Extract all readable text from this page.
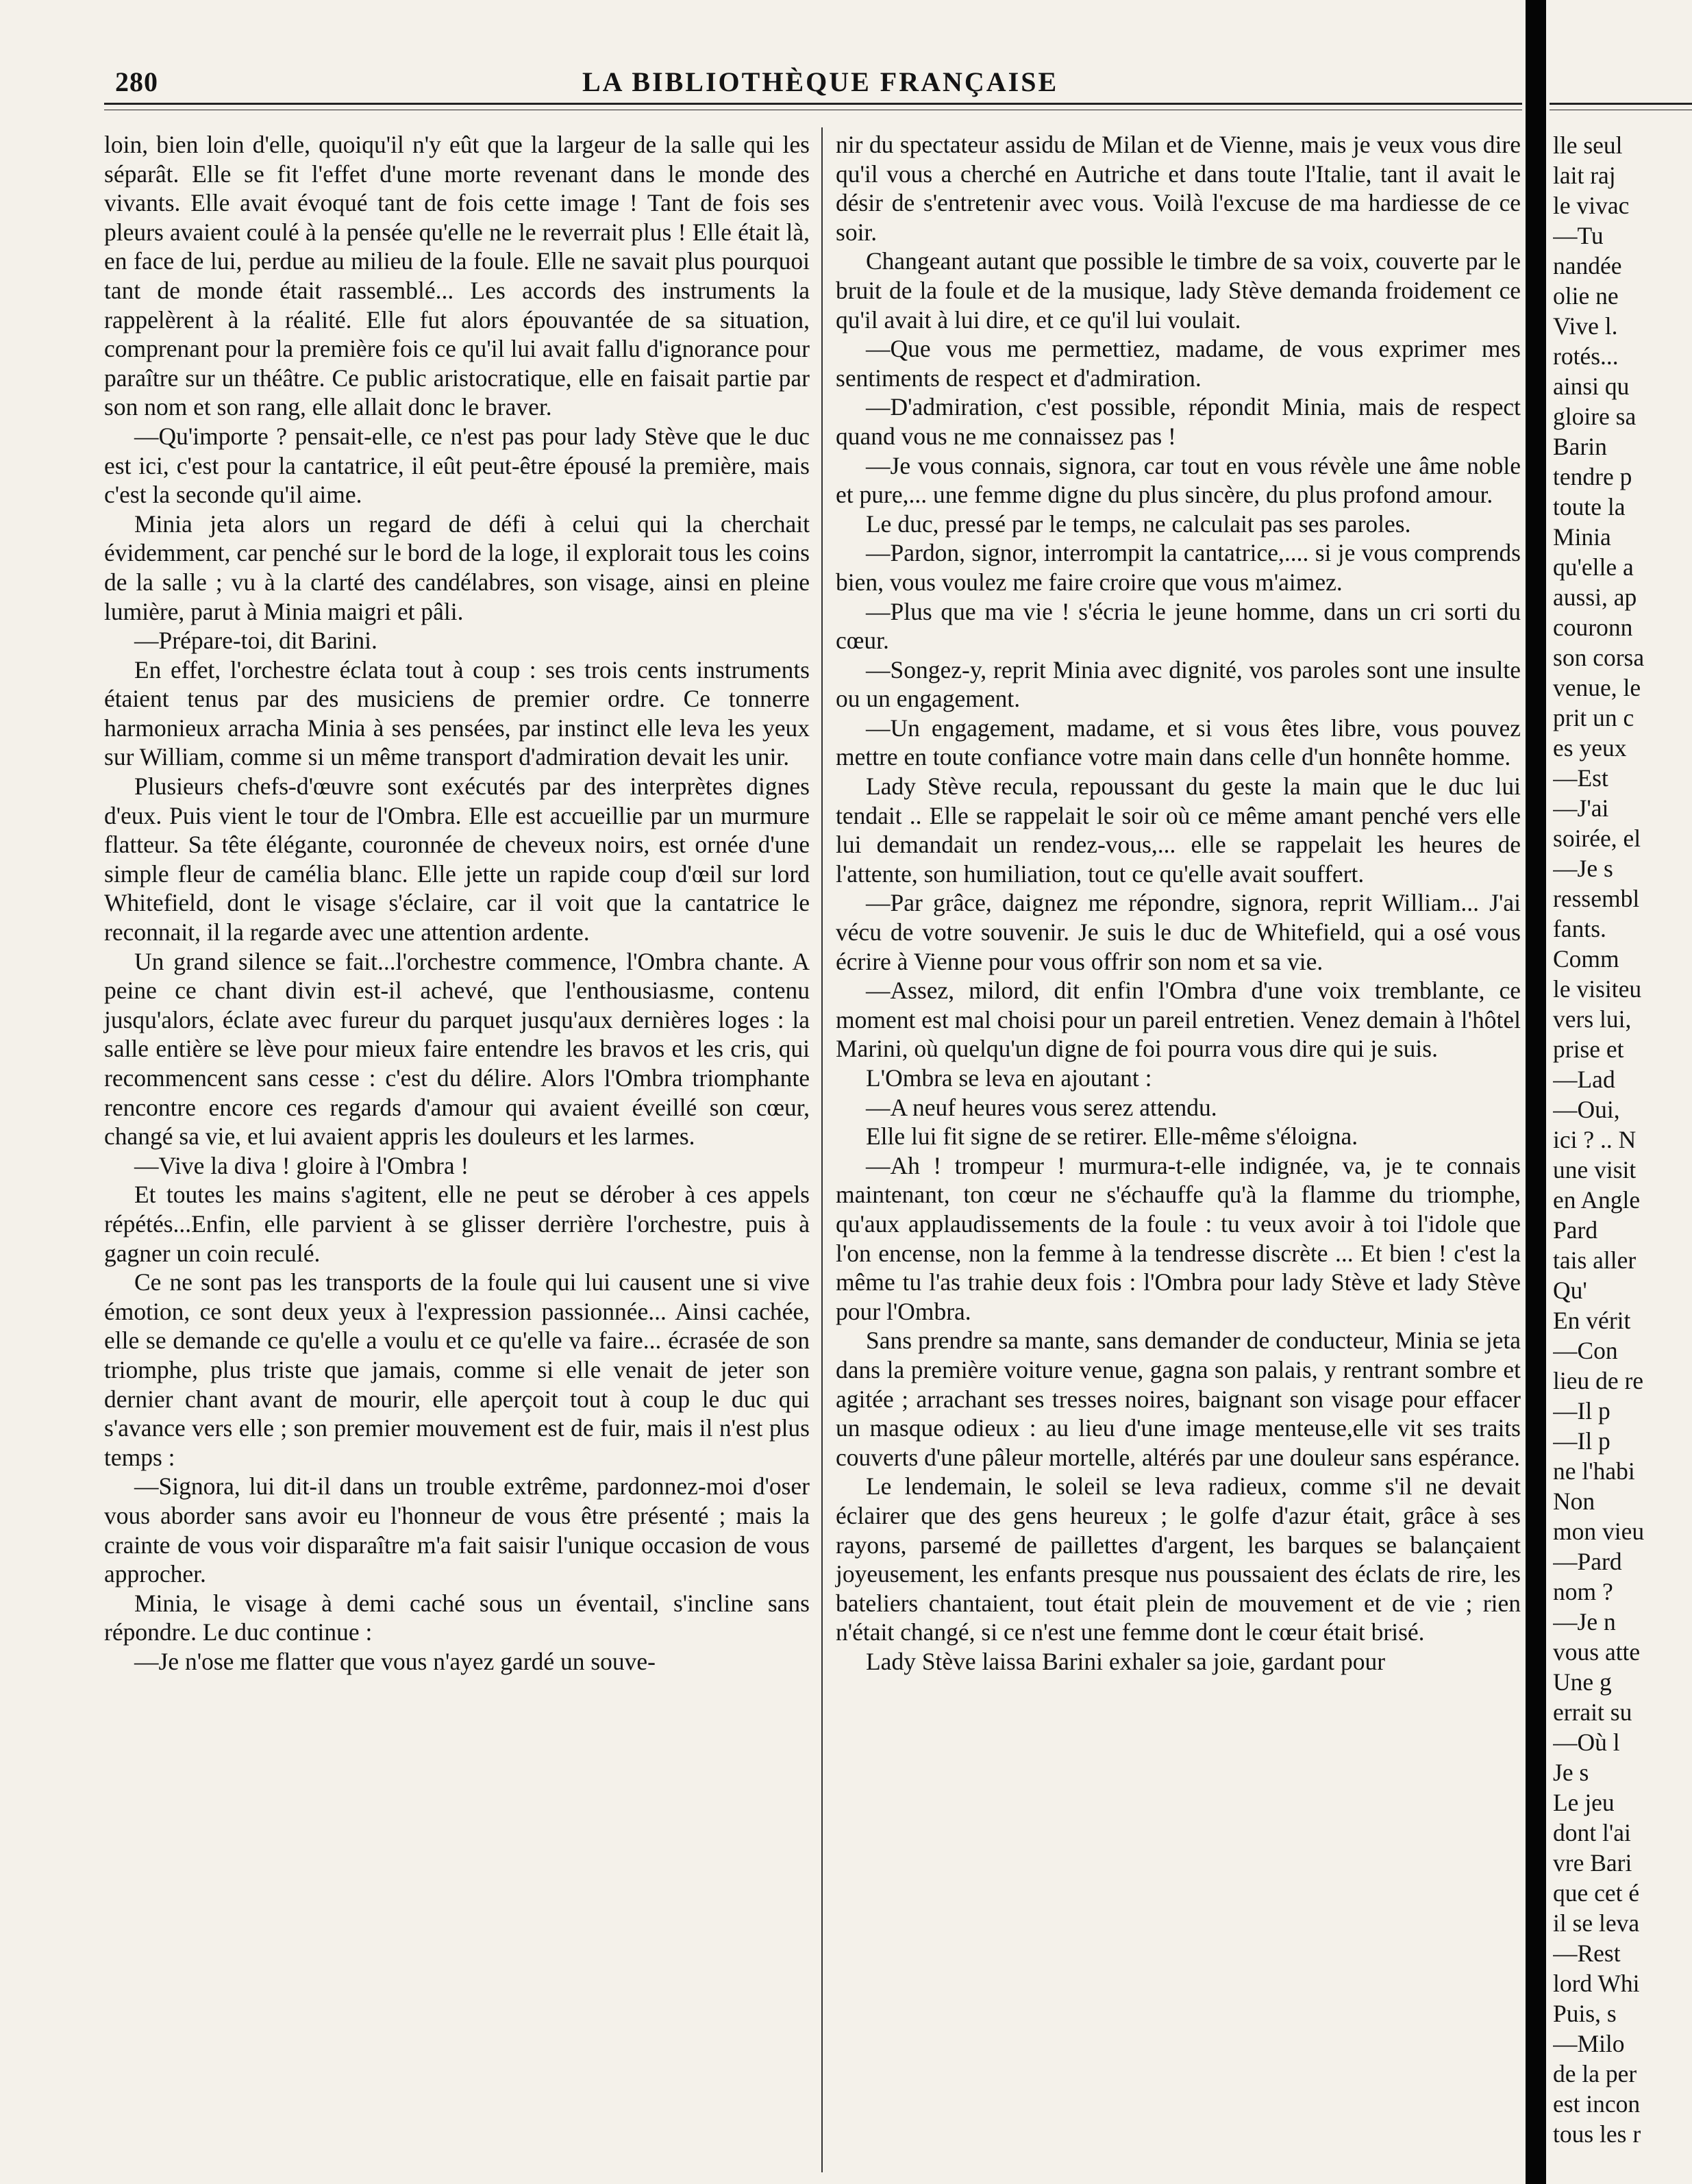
280	LA BIBLIOTHÈQUE FRANÇAISE

loin, bien loin d'elle, quoiqu'il n'y eût que la largeur de la salle qui les séparât. Elle se fit l'effet d'une morte revenant dans le monde des vivants. Elle avait évoqué tant de fois cette image ! Tant de fois ses pleurs avaient coulé à la pensée qu'elle ne le reverrait plus ! Elle était là, en face de lui, perdue au milieu de la foule. Elle ne savait plus pourquoi tant de monde était rassemblé... Les accords des instruments la rappelèrent à la réalité. Elle fut alors épouvantée de sa situation, comprenant pour la première fois ce qu'il lui avait fallu d'ignorance pour paraître sur un théâtre. Ce public aristocratique, elle en faisait partie par son nom et son rang, elle allait donc le braver.

—Qu'importe ? pensait-elle, ce n'est pas pour lady Stève que le duc est ici, c'est pour la cantatrice, il eût peut-être épousé la première, mais c'est la seconde qu'il aime.

Minia jeta alors un regard de défi à celui qui la cherchait évidemment, car penché sur le bord de la loge, il explorait tous les coins de la salle ; vu à la clarté des candélabres, son visage, ainsi en pleine lumière, parut à Minia maigri et pâli.

—Prépare-toi, dit Barini.

En effet, l'orchestre éclata tout à coup : ses trois cents instruments étaient tenus par des musiciens de premier ordre. Ce tonnerre harmonieux arracha Minia à ses pensées, par instinct elle leva les yeux sur William, comme si un même transport d'admiration devait les unir.

Plusieurs chefs-d'œuvre sont exécutés par des interprètes dignes d'eux. Puis vient le tour de l'Ombra. Elle est accueillie par un murmure flatteur. Sa tête élégante, couronnée de cheveux noirs, est ornée d'une simple fleur de camélia blanc. Elle jette un rapide coup d'œil sur lord Whitefield, dont le visage s'éclaire, car il voit que la cantatrice le reconnait, il la regarde avec une attention ardente.

Un grand silence se fait...l'orchestre commence, l'Ombra chante. A peine ce chant divin est-il achevé, que l'enthousiasme, contenu jusqu'alors, éclate avec fureur du parquet jusqu'aux dernières loges : la salle entière se lève pour mieux faire entendre les bravos et les cris, qui recommencent sans cesse : c'est du délire. Alors l'Ombra triomphante rencontre encore ces regards d'amour qui avaient éveillé son cœur, changé sa vie, et lui avaient appris les douleurs et les larmes.

—Vive la diva ! gloire à l'Ombra !

Et toutes les mains s'agitent, elle ne peut se dérober à ces appels répétés...Enfin, elle parvient à se glisser derrière l'orchestre, puis à gagner un coin reculé.

Ce ne sont pas les transports de la foule qui lui causent une si vive émotion, ce sont deux yeux à l'expression passionnée... Ainsi cachée, elle se demande ce qu'elle a voulu et ce qu'elle va faire... écrasée de son triomphe, plus triste que jamais, comme si elle venait de jeter son dernier chant avant de mourir, elle aperçoit tout à coup le duc qui s'avance vers elle ; son premier mouvement est de fuir, mais il n'est plus temps :

—Signora, lui dit-il dans un trouble extrême, pardonnez-moi d'oser vous aborder sans avoir eu l'honneur de vous être présenté ; mais la crainte de vous voir disparaître m'a fait saisir l'unique occasion de vous approcher.

Minia, le visage à demi caché sous un éventail, s'incline sans répondre. Le duc continue :

—Je n'ose me flatter que vous n'ayez gardé un souve-

nir du spectateur assidu de Milan et de Vienne, mais je veux vous dire qu'il vous a cherché en Autriche et dans toute l'Italie, tant il avait le désir de s'entretenir avec vous. Voilà l'excuse de ma hardiesse de ce soir.

Changeant autant que possible le timbre de sa voix, couverte par le bruit de la foule et de la musique, lady Stève demanda froidement ce qu'il avait à lui dire, et ce qu'il lui voulait.

—Que vous me permettiez, madame, de vous exprimer mes sentiments de respect et d'admiration.

—D'admiration, c'est possible, répondit Minia, mais de respect quand vous ne me connaissez pas !

—Je vous connais, signora, car tout en vous révèle une âme noble et pure,... une femme digne du plus sincère, du plus profond amour.

Le duc, pressé par le temps, ne calculait pas ses paroles.

—Pardon, signor, interrompit la cantatrice,.... si je vous comprends bien, vous voulez me faire croire que vous m'aimez.

—Plus que ma vie ! s'écria le jeune homme, dans un cri sorti du cœur.

—Songez-y, reprit Minia avec dignité, vos paroles sont une insulte ou un engagement.

—Un engagement, madame, et si vous êtes libre, vous pouvez mettre en toute confiance votre main dans celle d'un honnête homme.

Lady Stève recula, repoussant du geste la main que le duc lui tendait .. Elle se rappelait le soir où ce même amant penché vers elle lui demandait un rendez-vous,... elle se rappelait les heures de l'attente, son humiliation, tout ce qu'elle avait souffert.

—Par grâce, daignez me répondre, signora, reprit William... J'ai vécu de votre souvenir. Je suis le duc de Whitefield, qui a osé vous écrire à Vienne pour vous offrir son nom et sa vie.

—Assez, milord, dit enfin l'Ombra d'une voix tremblante, ce moment est mal choisi pour un pareil entretien. Venez demain à l'hôtel Marini, où quelqu'un digne de foi pourra vous dire qui je suis.

L'Ombra se leva en ajoutant :

—A neuf heures vous serez attendu.

Elle lui fit signe de se retirer. Elle-même s'éloigna.

—Ah ! trompeur ! murmura-t-elle indignée, va, je te connais maintenant, ton cœur ne s'échauffe qu'à la flamme du triomphe, qu'aux applaudissements de la foule : tu veux avoir à toi l'idole que l'on encense, non la femme à la tendresse discrète ... Et bien ! c'est la même tu l'as trahie deux fois : l'Ombra pour lady Stève et lady Stève pour l'Ombra.

Sans prendre sa mante, sans demander de conducteur, Minia se jeta dans la première voiture venue, gagna son palais, y rentrant sombre et agitée ; arrachant ses tresses noires, baignant son visage pour effacer un masque odieux : au lieu d'une image menteuse,elle vit ses traits couverts d'une pâleur mortelle, altérés par une douleur sans espérance.

Le lendemain, le soleil se leva radieux, comme s'il ne devait éclairer que des gens heureux ; le golfe d'azur était, grâce à ses rayons, parsemé de paillettes d'argent, les barques se balançaient joyeusement, les enfants presque nus poussaient des éclats de rire, les bateliers chantaient, tout était plein de mouvement et de vie ; rien n'était changé, si ce n'est une femme dont le cœur était brisé.

Lady Stève laissa Barini exhaler sa joie, gardant pour

lle seul

lait raj

le vivac

—Tu

nandée

olie ne

Vive l.

rotés...

ainsi qu

gloire sa

Barin

tendre p

toute la

Minia

qu'elle a

aussi, ap

couronn

son corsa

venue, le

prit un c

es yeux

—Est

—J'ai

soirée, el

—Je s

ressembl

fants.

Comm

le visiteu

vers lui,

prise et

—Lad

—Oui,

ici ? .. N

une visit

en Angle

Pard

tais aller

Qu'

En vérit

—Con

lieu de re

—Il p

—Il p

ne l'habi

Non

mon vieu

—Pard

nom ?

—Je n

vous atte

Une g

errait su

—Où l

Je s

Le jeu

dont l'ai

vre Bari

que cet é

il se leva

—Rest

lord Whi

Puis, s

—Milo

de la per

est incon

tous les r
